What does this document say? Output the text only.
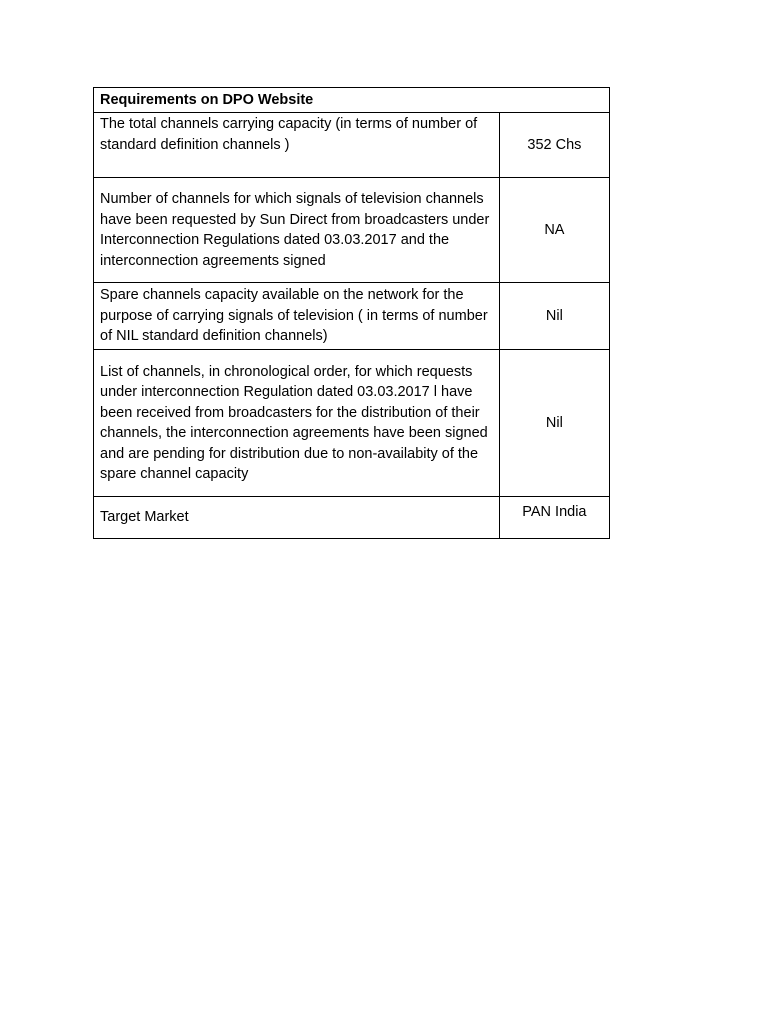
Requirements on DPO Website	
The total channels carrying capacity (in terms of number of standard definition channels )	352 Chs
Number of channels for which signals of television channels have been requested by Sun Direct from broadcasters under Interconnection Regulations dated 03.03.2017 and the interconnection agreements signed	NA
Spare channels capacity available on the network for the purpose of carrying signals of television ( in terms of number of NIL standard definition channels)	Nil
List of channels, in chronological order, for which requests under interconnection Regulation dated 03.03.2017 l have been received from broadcasters for the distribution of their channels, the interconnection agreements have been signed and are pending for distribution due to non-availabity of the spare channel capacity	Nil
Target Market	PAN India
